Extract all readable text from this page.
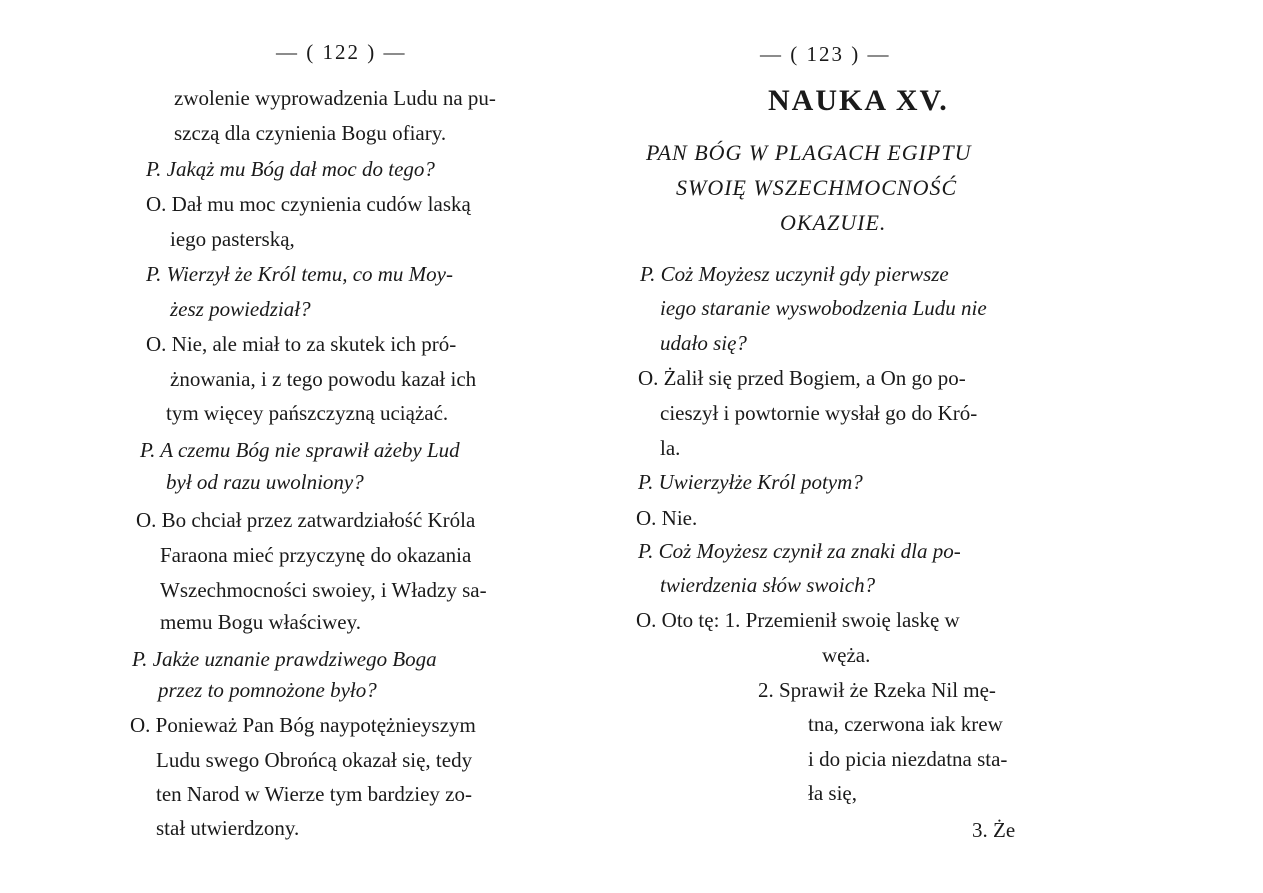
— ( 122 ) —
zwolenie wyprowadzenia Ludu na pu-
szczą dla czynienia Bogu ofiary.
P. Jakąż mu Bóg dał moc do tego?
O. Dał mu moc czynienia cudów laską
iego pasterską,
P. Wierzył że Król temu, co mu Moy-
żesz powiedział?
O. Nie, ale miał to za skutek ich pró-
żnowania, i z tego powodu kazał ich
tym więcey pańszczyzną uciążać.
P. A czemu Bóg nie sprawił ażeby Lud
był od razu uwolniony?
O. Bo chciał przez zatwardziałość Króla
Faraona mieć przyczynę do okazania
Wszechmocności swoiey, i Władzy sa-
memu Bogu właściwey.
P. Jakże uznanie prawdziwego Boga
przez to pomnożone było?
O. Ponieważ Pan Bóg naypotężnieyszym
Ludu swego Obrońcą okazał się, tedy
ten Narod w Wierze tym bardziey zo-
stał utwierdzony.
— ( 123 ) —
NAUKA XV.
PAN BÓG W PLAGACH EGIPTU
SWOIĘ WSZECHMOCNOŚĆ
OKAZUIE.
P. Coż Moyżesz uczynił gdy pierwsze
iego staranie wyswobodzenia Ludu nie
udało się?
O. Żalił się przed Bogiem, a On go po-
cieszył i powtornie wysłał go do Kró-
la.
P. Uwierzyłże Król potym?
O. Nie.
P. Coż Moyżesz czynił za znaki dla po-
twierdzenia słów swoich?
O. Oto tę: 1. Przemienił swoię laskę w
węża.
2. Sprawił że Rzeka Nil mę-
tna, czerwona iak krew
i do picia niezdatna sta-
ła się,
3. Że
